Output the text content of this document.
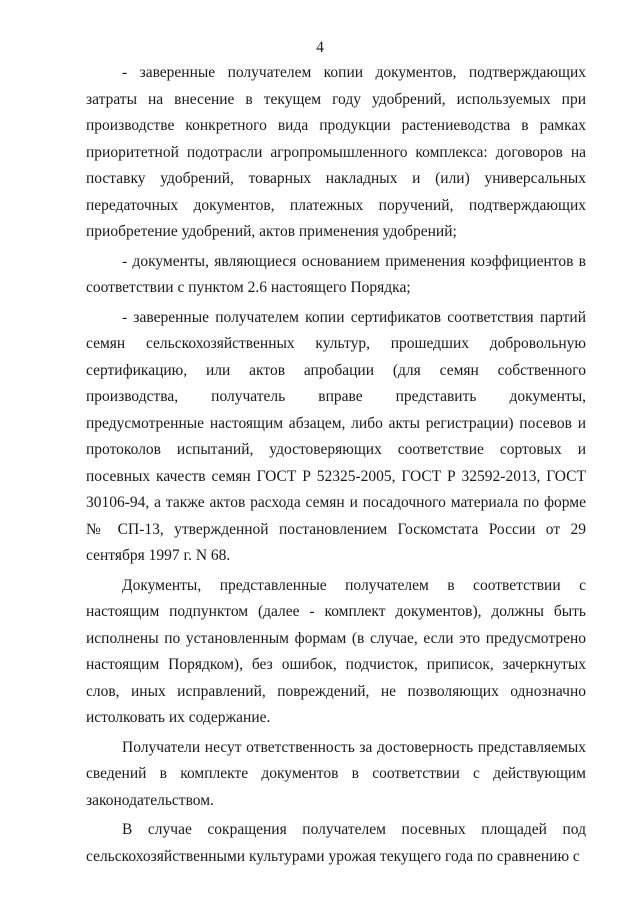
4

- заверенные получателем копии документов, подтверждающих затраты на внесение в текущем году удобрений, используемых при производстве конкретного вида продукции растениеводства в рамках приоритетной подотрасли агропромышленного комплекса: договоров на поставку удобрений, товарных накладных и (или) универсальных передаточных документов, платежных поручений, подтверждающих приобретение удобрений, актов применения удобрений;

- документы, являющиеся основанием применения коэффициентов в соответствии с пунктом 2.6 настоящего Порядка;

- заверенные получателем копии сертификатов соответствия партий семян сельскохозяйственных культур, прошедших добровольную сертификацию, или актов апробации (для семян собственного производства, получатель вправе представить документы, предусмотренные настоящим абзацем, либо акты регистрации) посевов и протоколов испытаний, удостоверяющих соответствие сортовых и посевных качеств семян ГОСТ Р 52325-2005, ГОСТ Р 32592-2013, ГОСТ 30106-94, а также актов расхода семян и посадочного материала по форме № СП-13, утвержденной постановлением Госкомстата России от 29 сентября 1997 г. N 68.

Документы, представленные получателем в соответствии с настоящим подпунктом (далее - комплект документов), должны быть исполнены по установленным формам (в случае, если это предусмотрено настоящим Порядком), без ошибок, подчисток, приписок, зачеркнутых слов, иных исправлений, повреждений, не позволяющих однозначно истолковать их содержание.

Получатели несут ответственность за достоверность представляемых сведений в комплекте документов в соответствии с действующим законодательством.

В случае сокращения получателем посевных площадей под сельскохозяйственными культурами урожая текущего года по сравнению с
